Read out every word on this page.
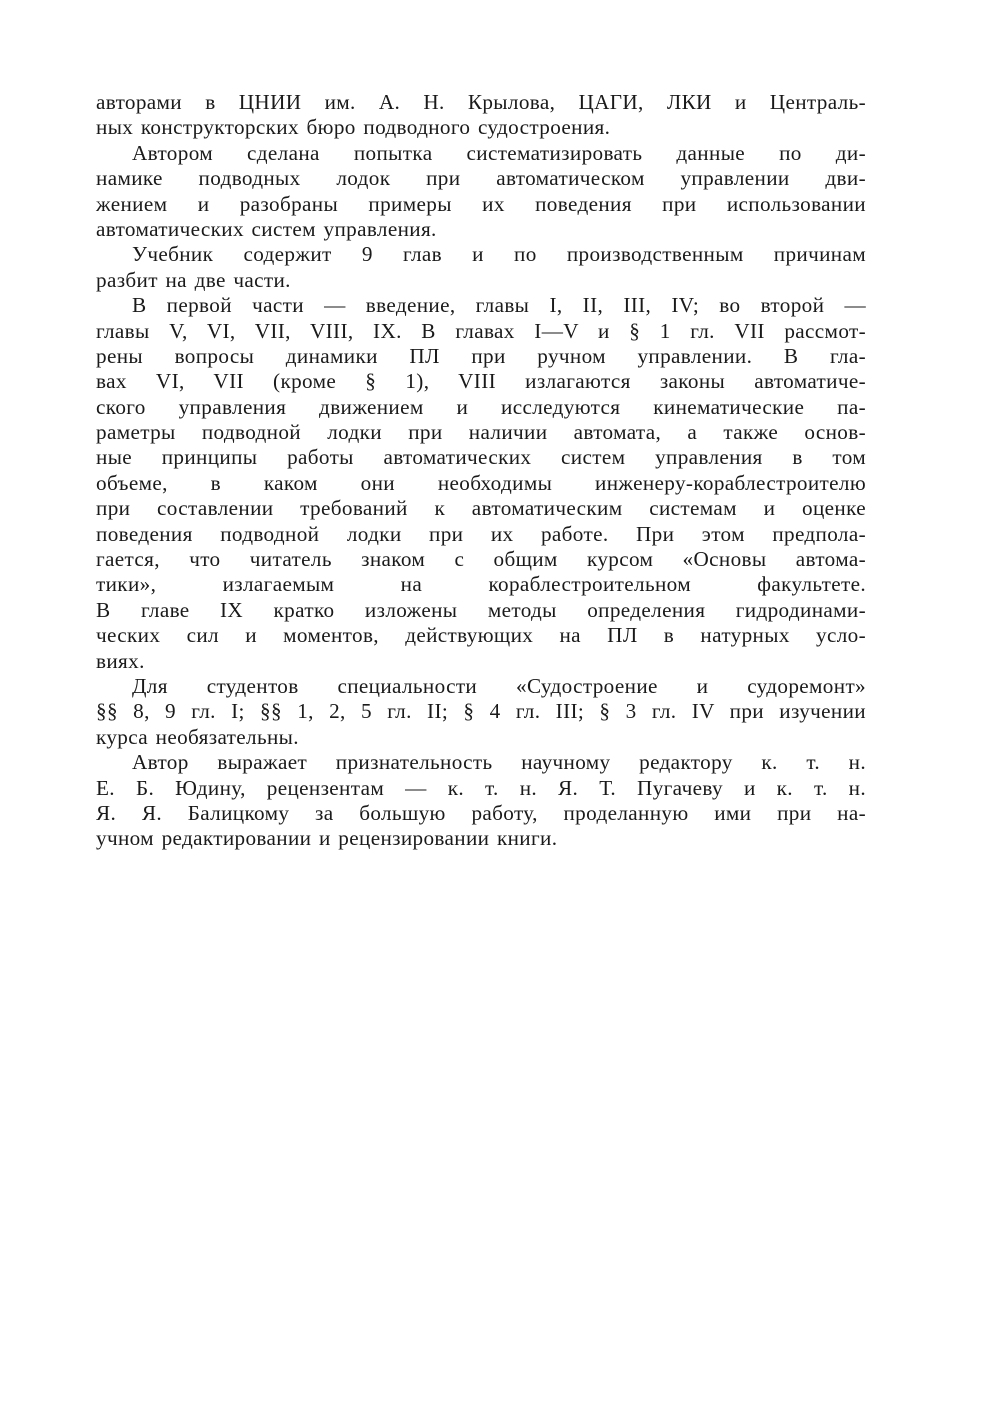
авторами в ЦНИИ им. А. Н. Крылова, ЦАГИ, ЛКИ и Централь-
ных конструкторских бюро подводного судостроения.
Автором сделана попытка систематизировать данные по ди-
намике подводных лодок при автоматическом управлении дви-
жением и разобраны примеры их поведения при использовании
автоматических систем управления.
Учебник содержит 9 глав и по производственным причинам
разбит на две части.
В первой части — введение, главы I, II, III, IV; во второй —
главы V, VI, VII, VIII, IX. В главах I—V и § 1 гл. VII рассмот-
рены вопросы динамики ПЛ при ручном управлении. В гла-
вах VI, VII (кроме § 1), VIII излагаются законы автоматиче-
ского управления движением и исследуются кинематические па-
раметры подводной лодки при наличии автомата, а также основ-
ные принципы работы автоматических систем управления в том
объеме, в каком они необходимы инженеру-кораблестроителю
при составлении требований к автоматическим системам и оценке
поведения подводной лодки при их работе. При этом предпола-
гается, что читатель знаком с общим курсом «Основы автома-
тики», излагаемым на кораблестроительном факультете.
В главе IX кратко изложены методы определения гидродинами-
ческих сил и моментов, действующих на ПЛ в натурных усло-
виях.
Для студентов специальности «Судостроение и судоремонт»
§§ 8, 9 гл. I; §§ 1, 2, 5 гл. II; § 4 гл. III; § 3 гл. IV при изучении
курса необязательны.
Автор выражает признательность научному редактору к. т. н.
Е. Б. Юдину, рецензентам — к. т. н. Я. Т. Пугачеву и к. т. н.
Я. Я. Балицкому за большую работу, проделанную ими при на-
учном редактировании и рецензировании книги.
